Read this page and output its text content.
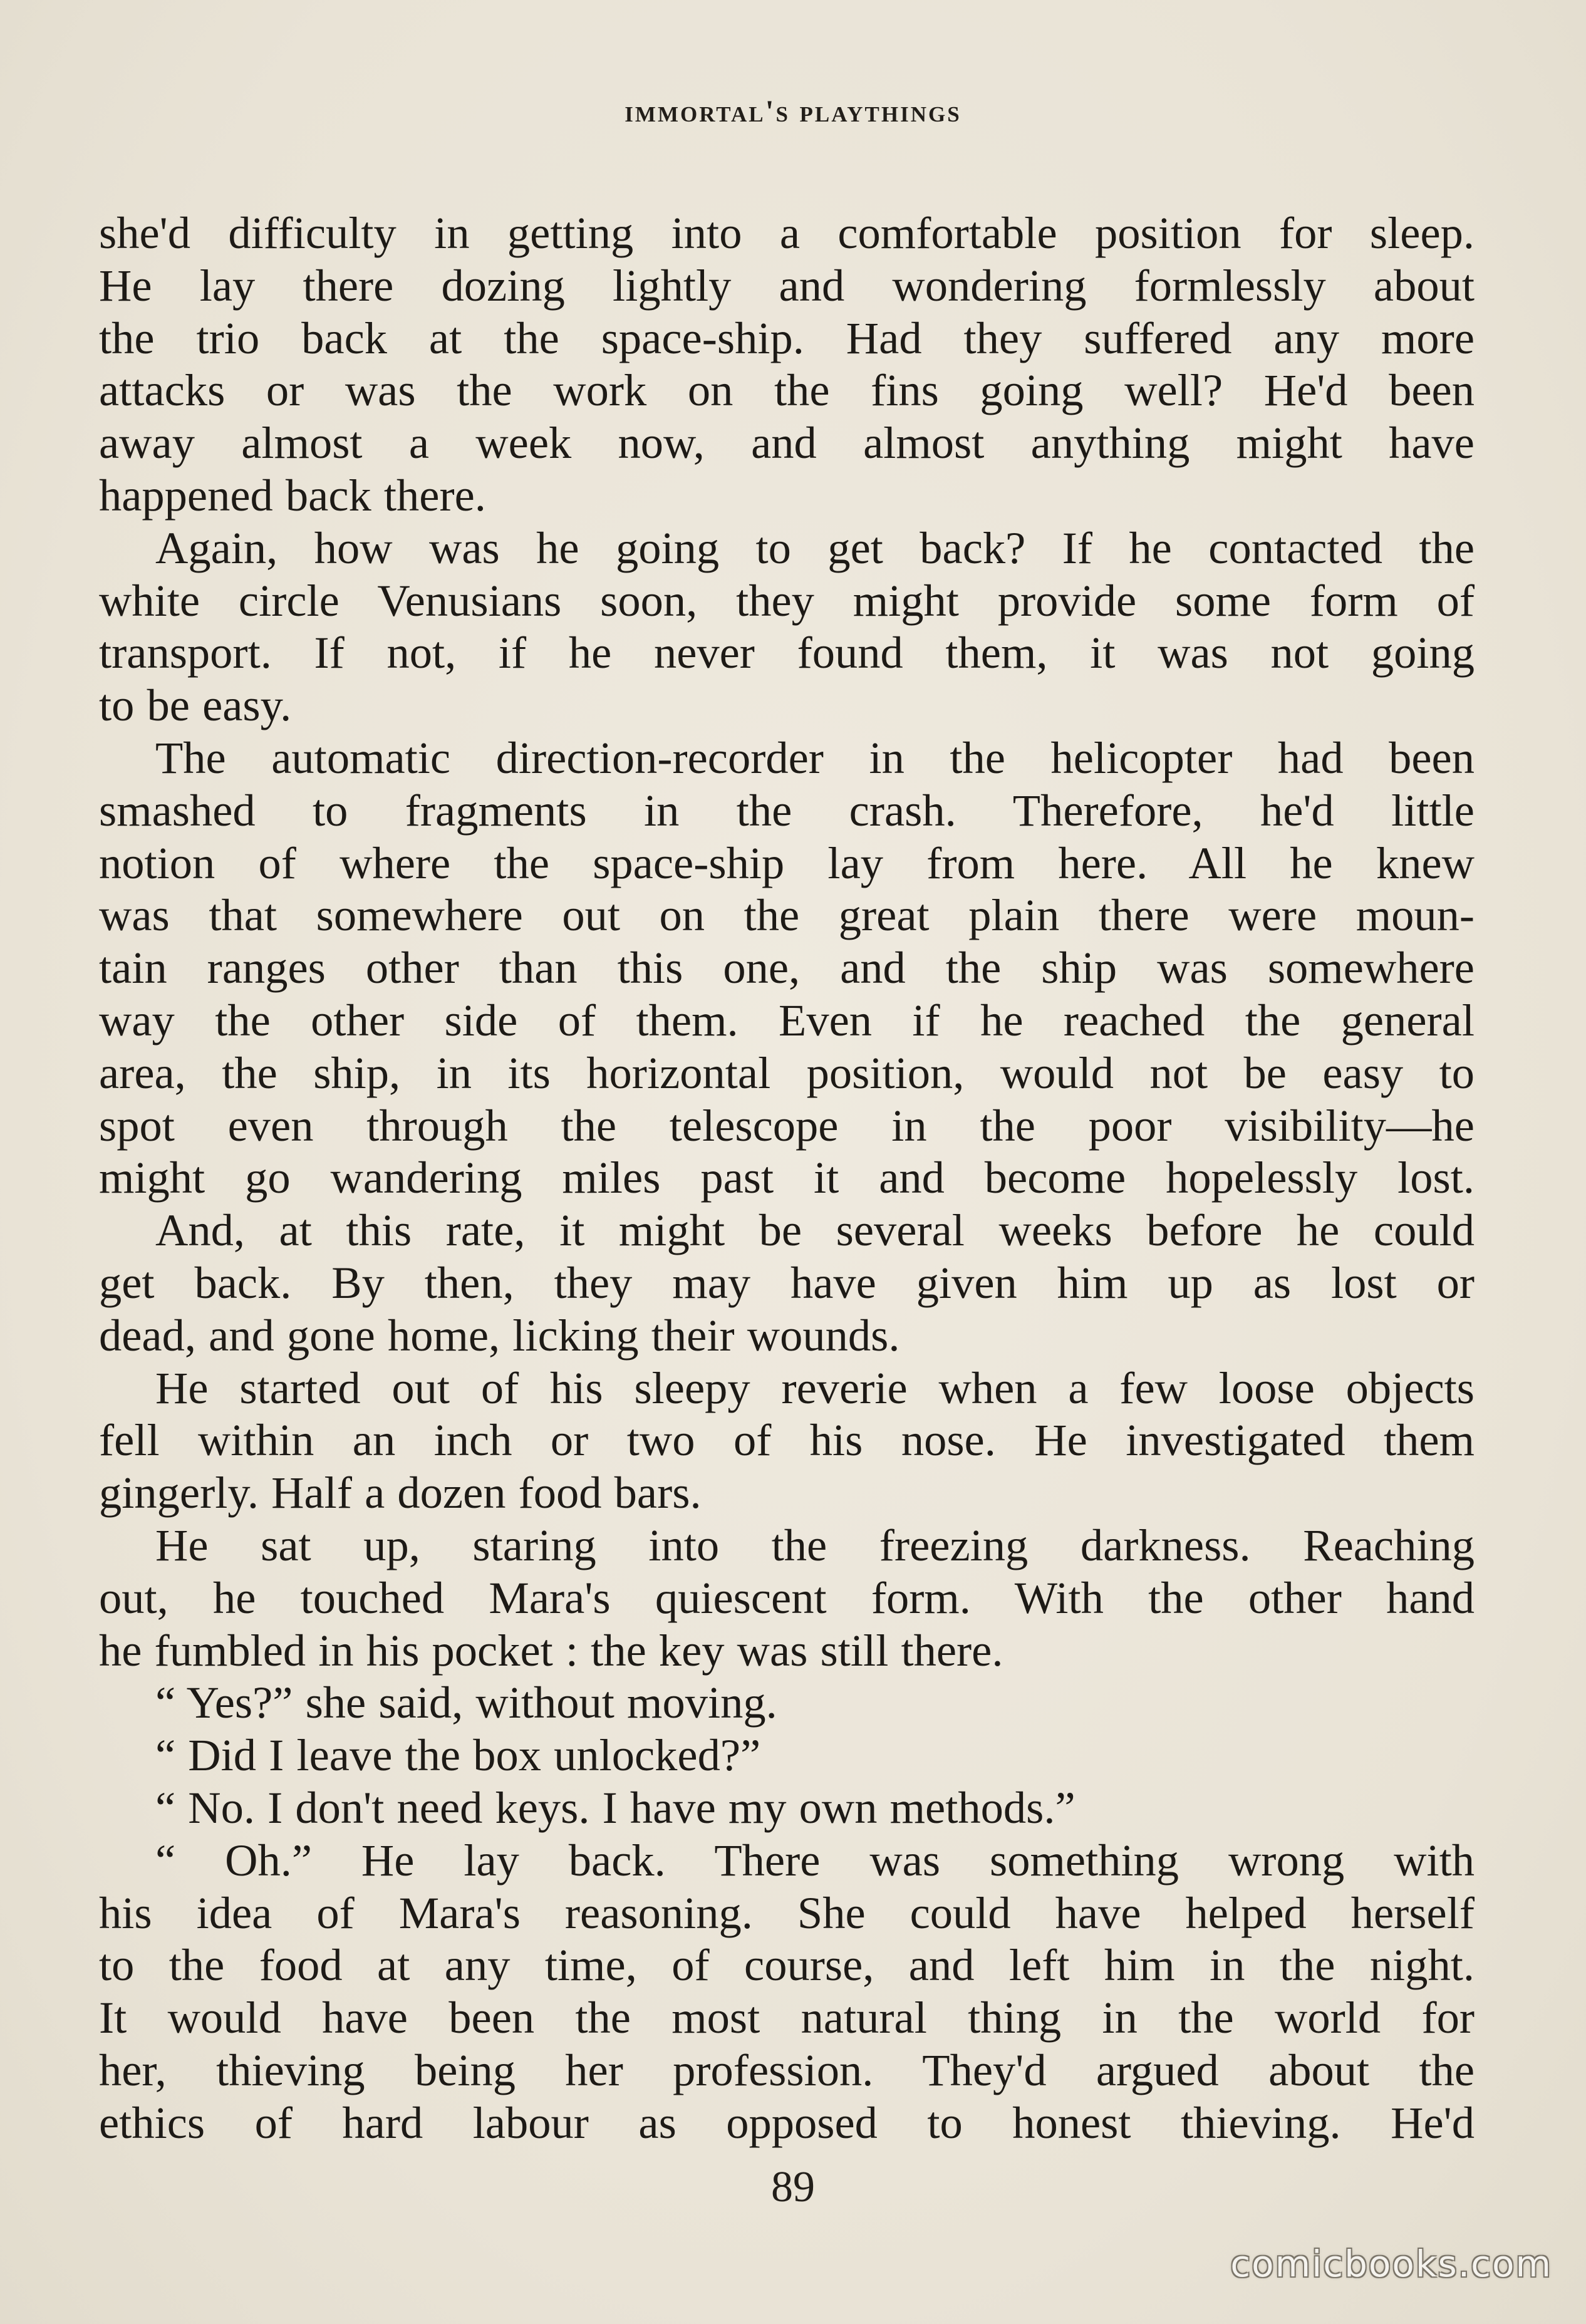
immortal's playthings
she'd difficulty in getting into a comfortable position for sleep.
He lay there dozing lightly and wondering formlessly about
the trio back at the space-ship. Had they suffered any more
attacks or was the work on the fins going well? He'd been
away almost a week now, and almost anything might have
happened back there.
Again, how was he going to get back? If he contacted the
white circle Venusians soon, they might provide some form of
transport. If not, if he never found them, it was not going
to be easy.
The automatic direction-recorder in the helicopter had been
smashed to fragments in the crash. Therefore, he'd little
notion of where the space-ship lay from here. All he knew
was that somewhere out on the great plain there were moun-
tain ranges other than this one, and the ship was somewhere
way the other side of them. Even if he reached the general
area, the ship, in its horizontal position, would not be easy to
spot even through the telescope in the poor visibility—he
might go wandering miles past it and become hopelessly lost.
And, at this rate, it might be several weeks before he could
get back. By then, they may have given him up as lost or
dead, and gone home, licking their wounds.
He started out of his sleepy reverie when a few loose objects
fell within an inch or two of his nose. He investigated them
gingerly. Half a dozen food bars.
He sat up, staring into the freezing darkness. Reaching
out, he touched Mara's quiescent form. With the other hand
he fumbled in his pocket : the key was still there.
“ Yes?” she said, without moving.
“ Did I leave the box unlocked?”
“ No. I don't need keys. I have my own methods.”
“ Oh.” He lay back. There was something wrong with
his idea of Mara's reasoning. She could have helped herself
to the food at any time, of course, and left him in the night.
It would have been the most natural thing in the world for
her, thieving being her profession. They'd argued about the
ethics of hard labour as opposed to honest thieving. He'd
89
comicbooks.com
